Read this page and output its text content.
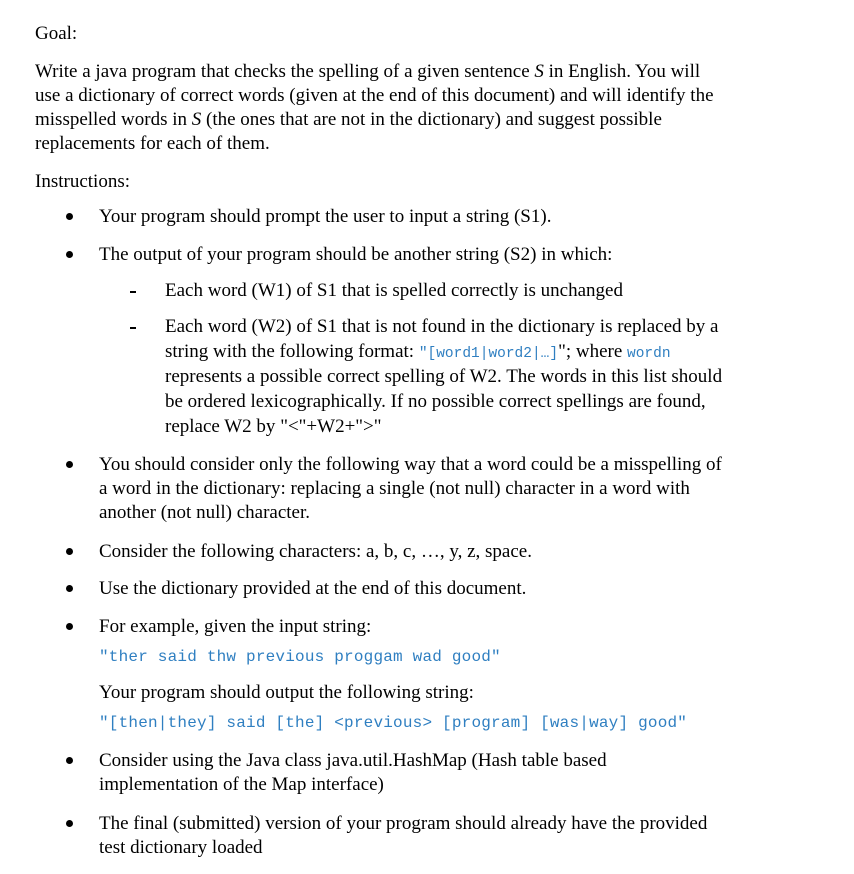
Goal:
Write a java program that checks the spelling of a given sentence S in English. You will
use a dictionary of correct words (given at the end of this document) and will identify the
misspelled words in S (the ones that are not in the dictionary) and suggest possible
replacements for each of them.
Instructions:
Your program should prompt the user to input a string (S1).
The output of your program should be another string (S2) in which:
Each word (W1) of S1 that is spelled correctly is unchanged
Each word (W2) of S1 that is not found in the dictionary is replaced by a
string with the following format: "[word1|word2|…]"; where wordn
represents a possible correct spelling of W2. The words in this list should
be ordered lexicographically. If no possible correct spellings are found,
replace W2 by "<"+W2+">"
You should consider only the following way that a word could be a misspelling of
a word in the dictionary: replacing a single (not null) character in a word with
another (not null) character.
Consider the following characters: a, b, c, …, y, z, space.
Use the dictionary provided at the end of this document.
For example, given the input string:
"ther said thw previous proggam wad good"
Your program should output the following string:
"[then|they] said [the] <previous> [program] [was|way] good"
Consider using the Java class java.util.HashMap (Hash table based
implementation of the Map interface)
The final (submitted) version of your program should already have the provided
test dictionary loaded
